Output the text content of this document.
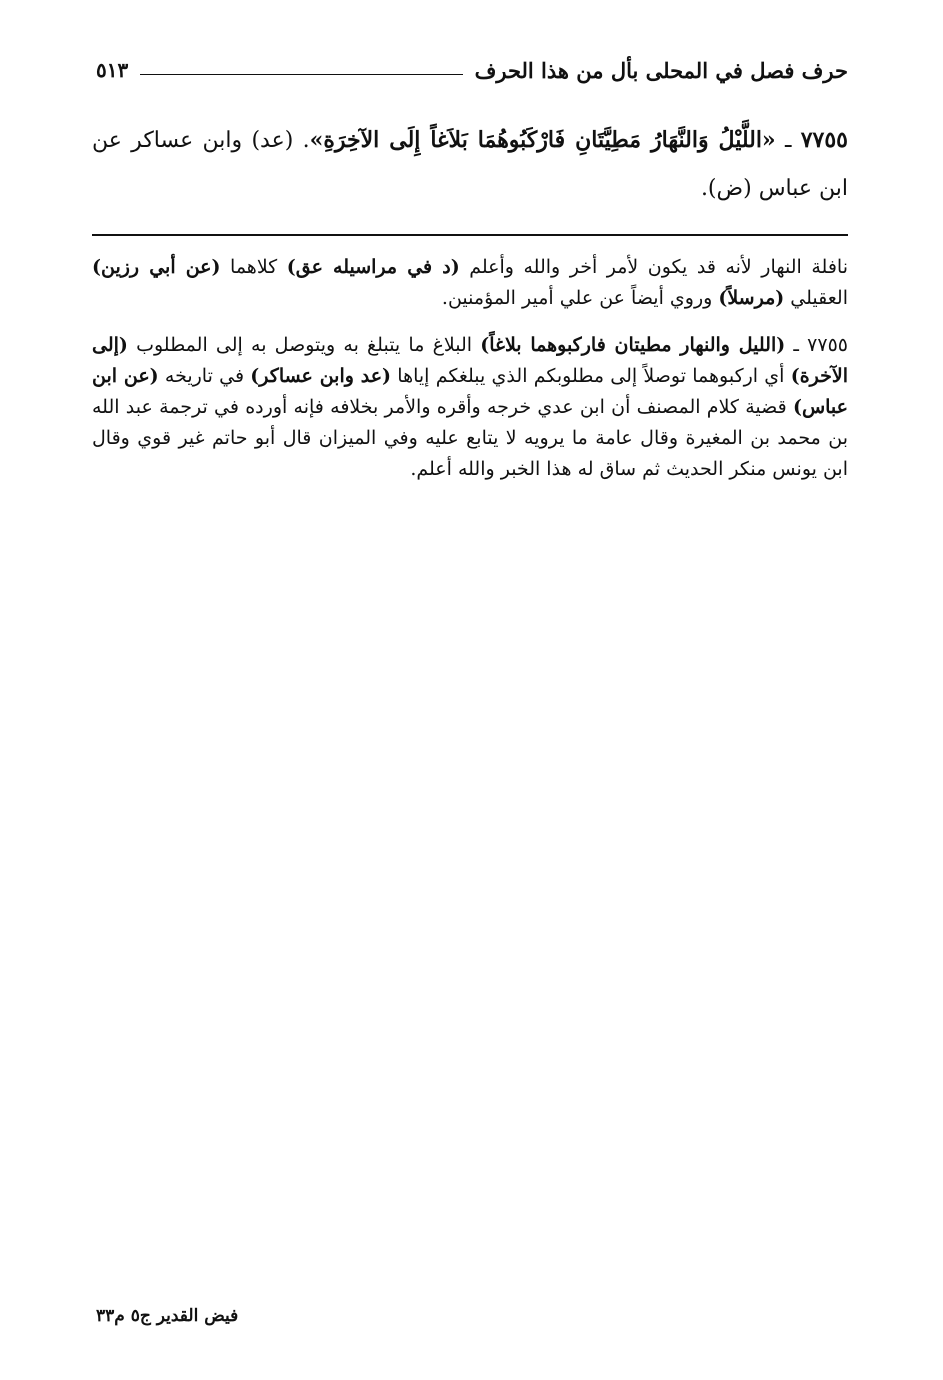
حرف فصل في المحلى بأل من هذا الحرف
٥١٣
٧٧٥٥ ـ «اللَّيْلُ وَالنَّهَارُ مَطِيَّتَانِ فَارْكَبُوهُمَا بَلاَغاً إِلَى الآخِرَةِ». (عد) وابن عساكر عن ابن عباس (ض).

نافلة النهار لأنه قد يكون لأمر أخر والله وأعلم (د في مراسيله عق) كلاهما (عن أبي رزين) العقيلي (مرسلاً) وروي أيضاً عن علي أمير المؤمنين.

٧٧٥٥ ـ (الليل والنهار مطيتان فاركبوهما بلاغاً) البلاغ ما يتبلغ به ويتوصل به إلى المطلوب (إلى الآخرة) أي اركبوهما توصلاً إلى مطلوبكم الذي يبلغكم إياها (عد وابن عساكر) في تاريخه (عن ابن عباس) قضية كلام المصنف أن ابن عدي خرجه وأقره والأمر بخلافه فإنه أورده في ترجمة عبد الله بن محمد بن المغيرة وقال عامة ما يرويه لا يتابع عليه وفي الميزان قال أبو حاتم غير قوي وقال ابن يونس منكر الحديث ثم ساق له هذا الخبر والله أعلم.

فيض القدير ج٥ م٣٣
